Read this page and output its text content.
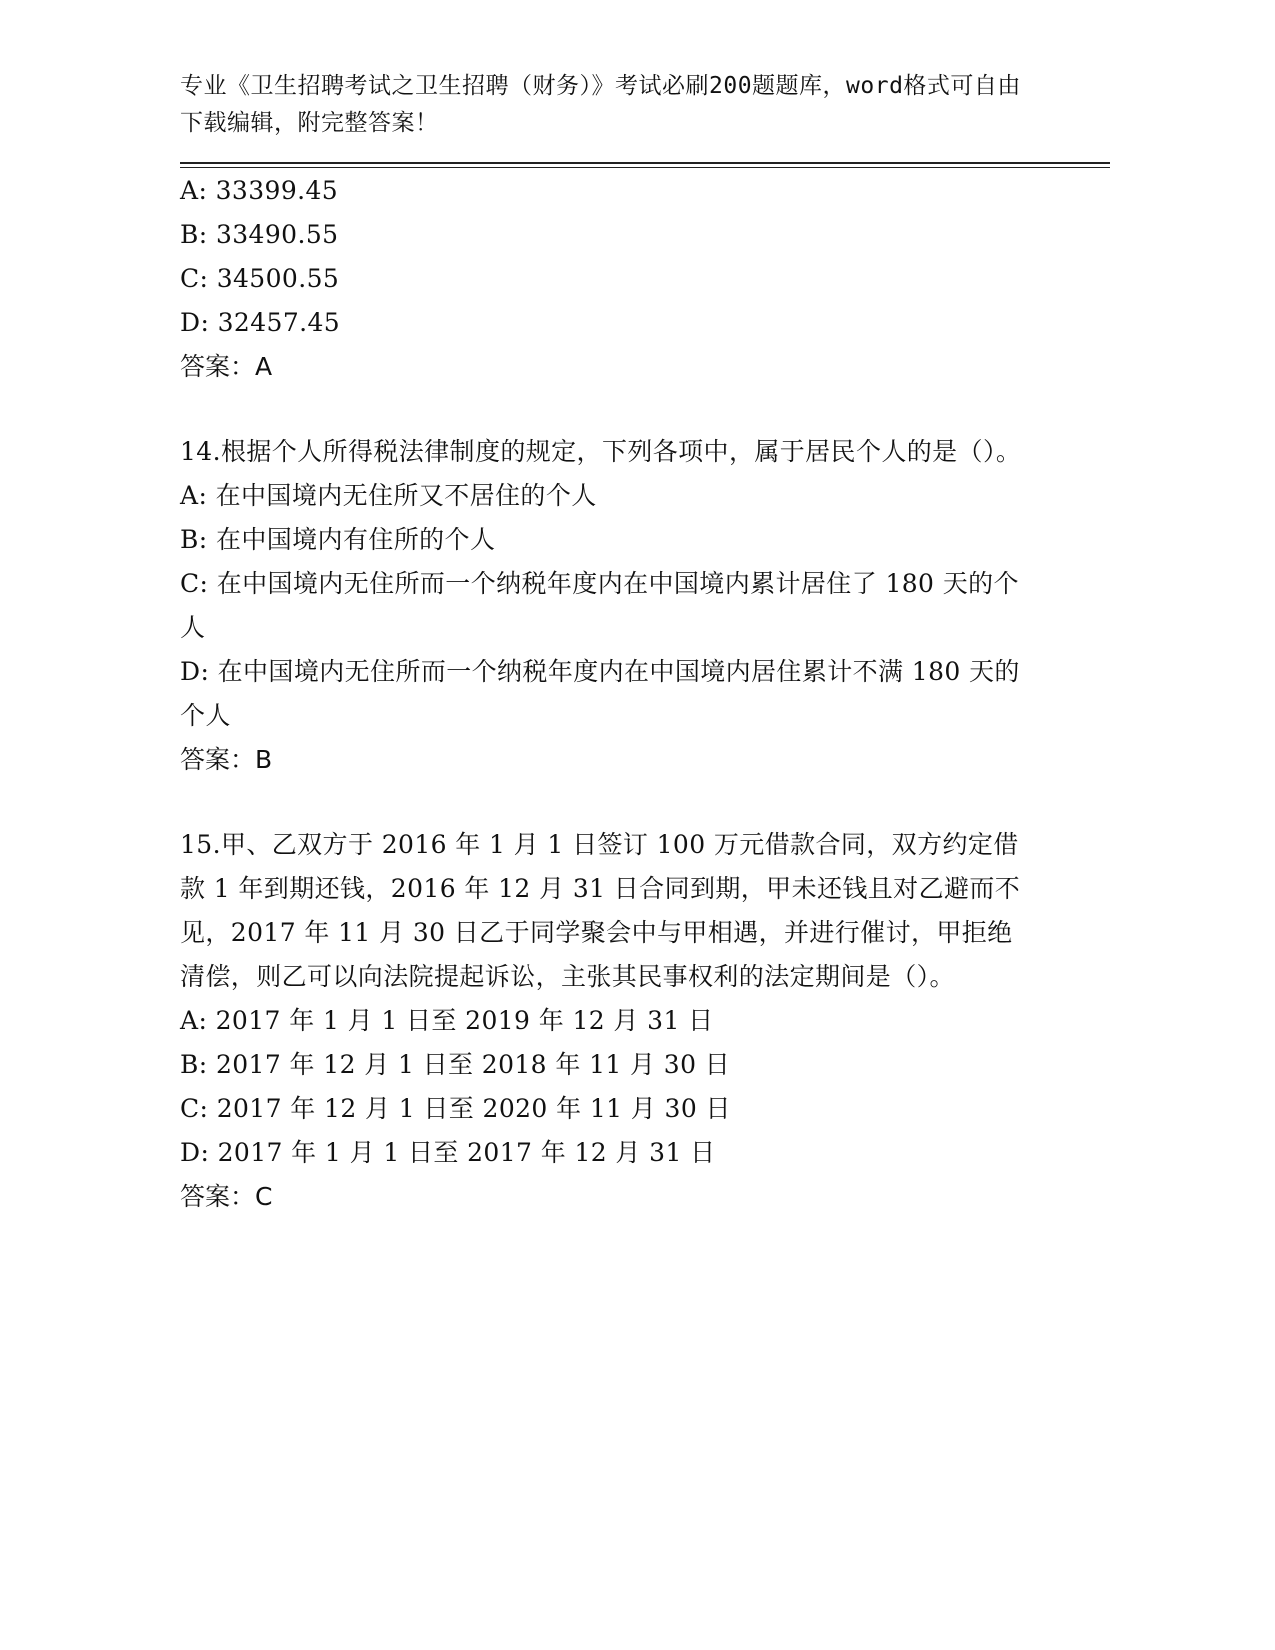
专业《卫生招聘考试之卫生招聘（财务）》考试必刷200题题库，word格式可自由下载编辑，附完整答案！
A: 33399.45
B: 33490.55
C: 34500.55
D: 32457.45
答案：A
14.根据个人所得税法律制度的规定，下列各项中，属于居民个人的是（）。
A: 在中国境内无住所又不居住的个人
B: 在中国境内有住所的个人
C: 在中国境内无住所而一个纳税年度内在中国境内累计居住了 180 天的个人
D: 在中国境内无住所而一个纳税年度内在中国境内居住累计不满 180 天的个人
答案：B
15.甲、乙双方于 2016 年 1 月 1 日签订 100 万元借款合同，双方约定借款 1 年到期还钱，2016 年 12 月 31 日合同到期，甲未还钱且对乙避而不见，2017 年 11 月 30 日乙于同学聚会中与甲相遇，并进行催讨，甲拒绝清偿，则乙可以向法院提起诉讼，主张其民事权利的法定期间是（）。
A: 2017 年 1 月 1 日至 2019 年 12 月 31 日
B: 2017 年 12 月 1 日至 2018 年 11 月 30 日
C: 2017 年 12 月 1 日至 2020 年 11 月 30 日
D: 2017 年 1 月 1 日至 2017 年 12 月 31 日
答案：C
